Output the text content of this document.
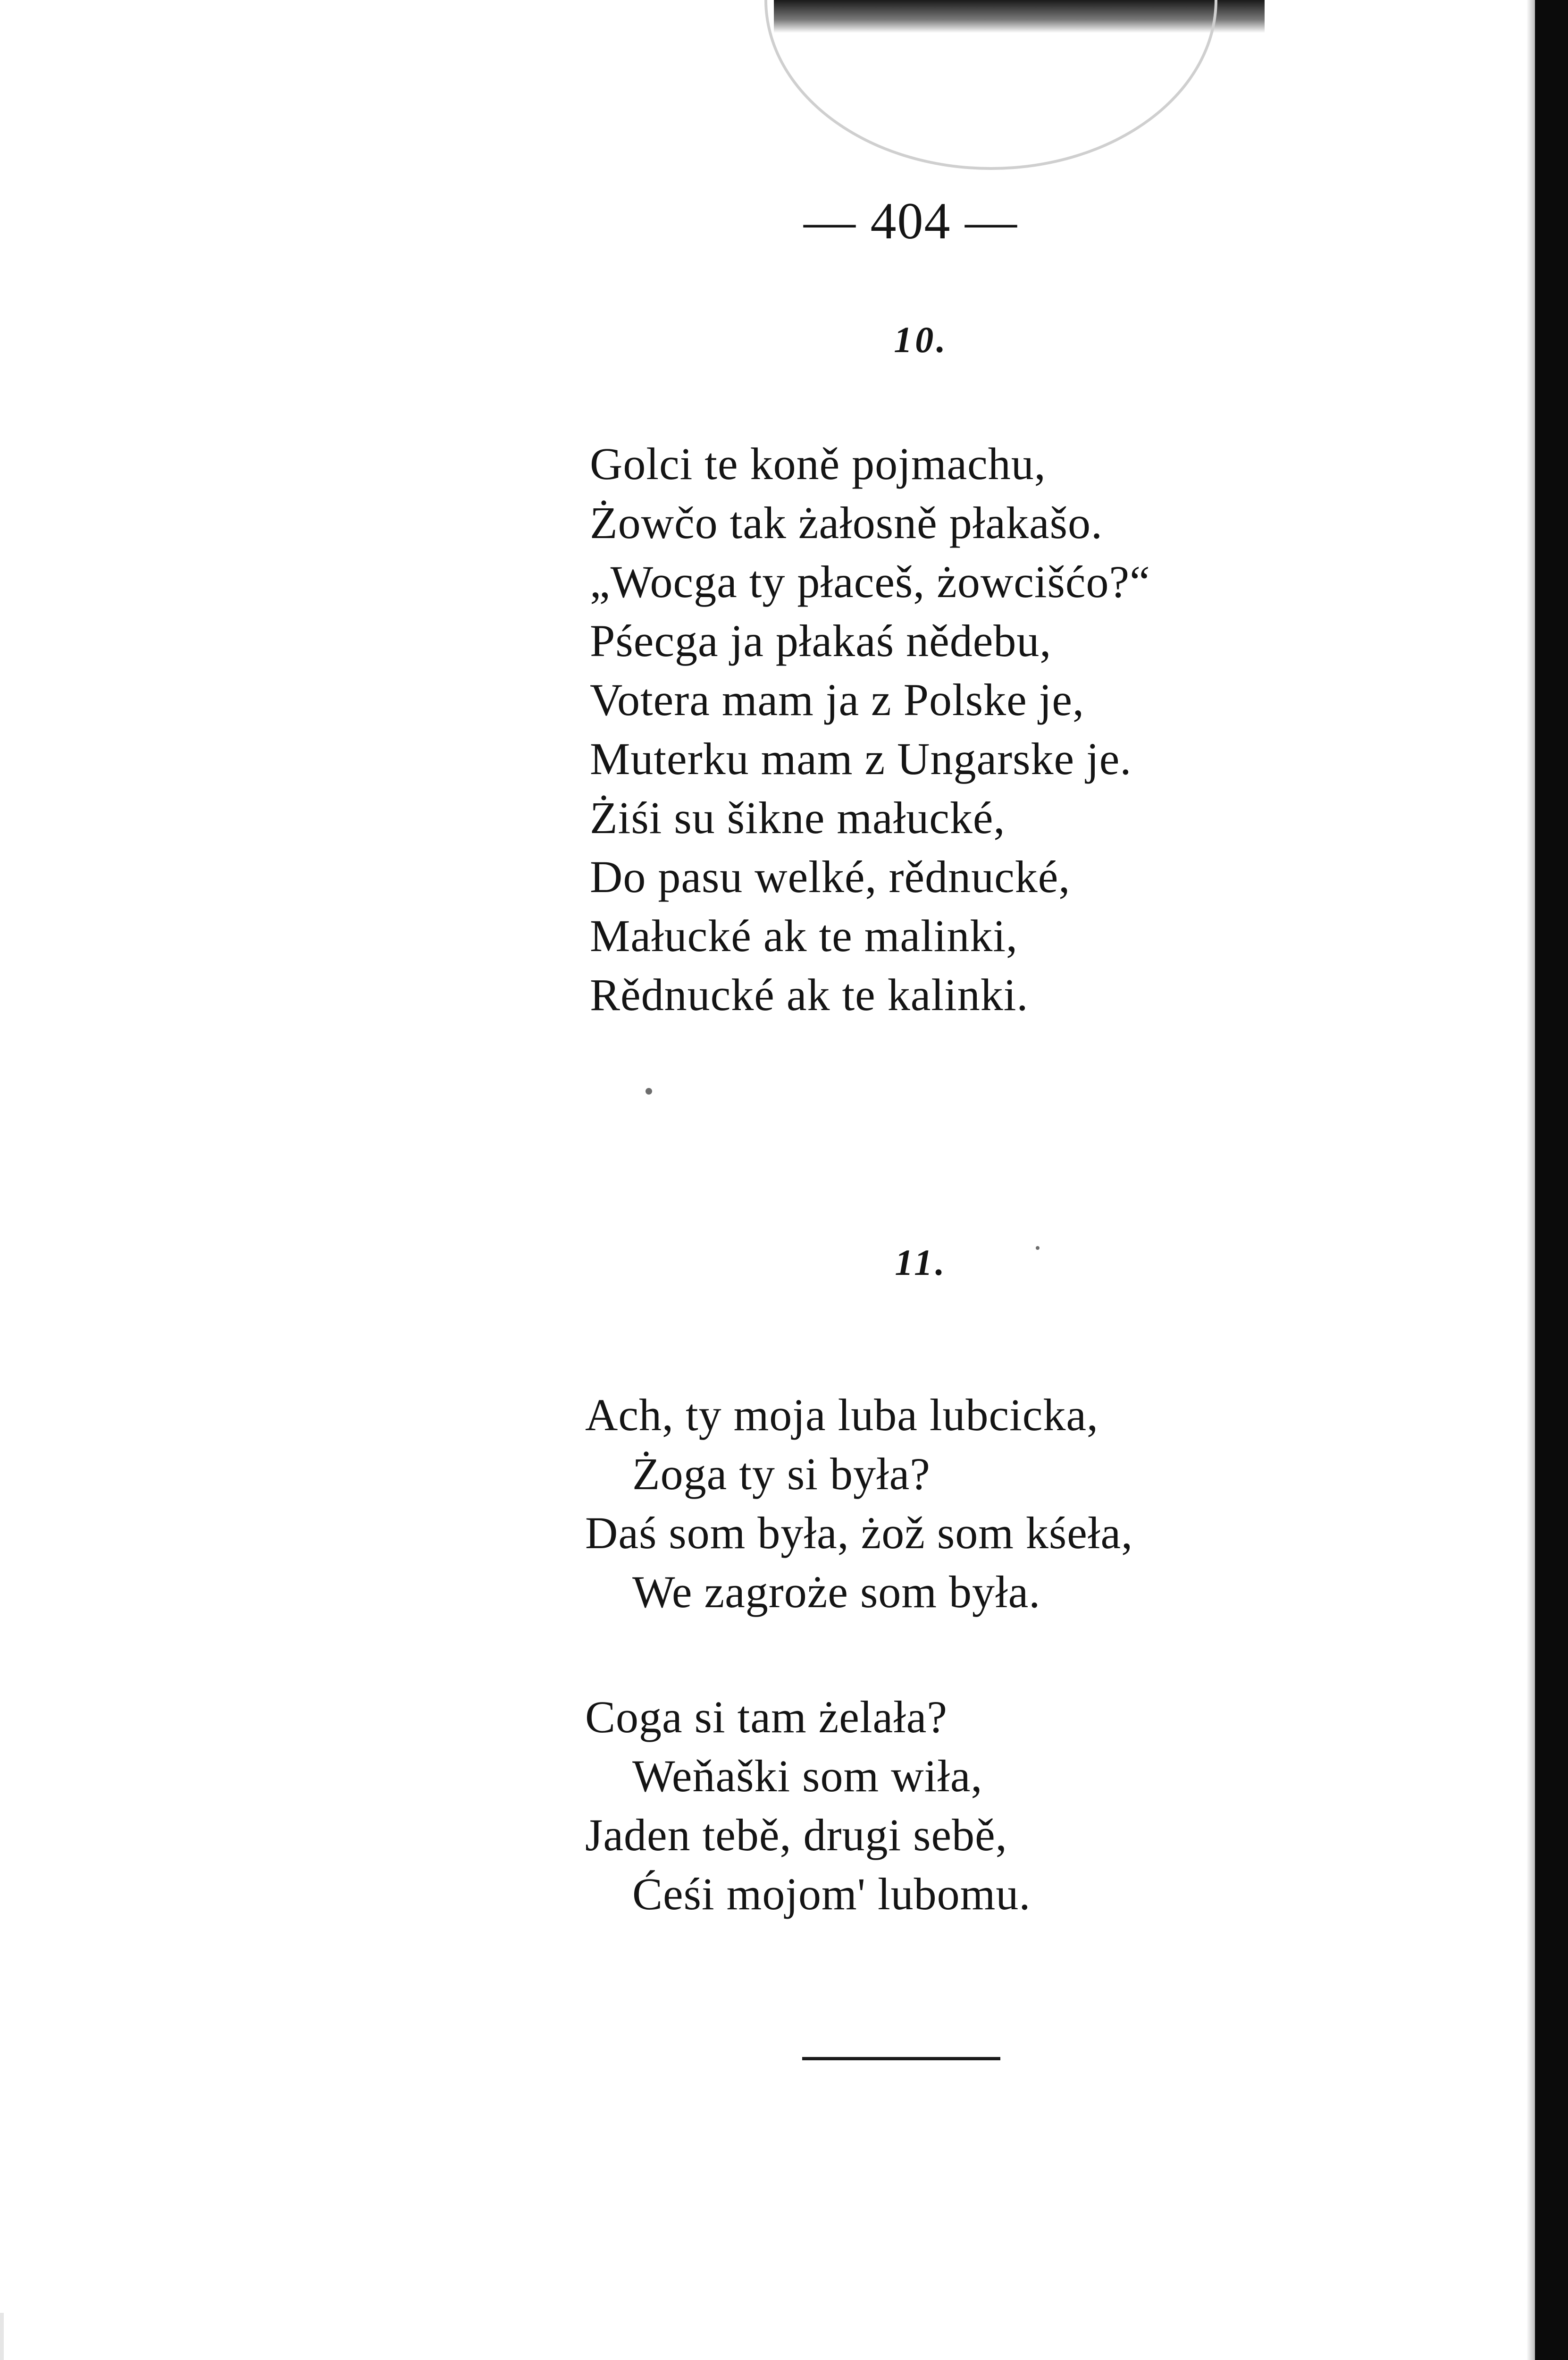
— 404 —
10.
Golci te koně pojmachu,
Żowčo tak żałosně płakašo.
„Wocga ty płaceš, żowcišćo?“
Pśecga ja płakaś nědebu,
Votera mam ja z Polske je,
Muterku mam z Ungarske je.
Żiśi su šikne małucké,
Do pasu welké, rědnucké,
Małucké ak te malinki,
Rědnucké ak te kalinki.
11.
Ach, ty moja luba lubcicka,
Żoga ty si była?
Daś som była, żož som kśeła,
We zagroże som była.
Coga si tam żelała?
Weňaški som wiła,
Jaden tebě, drugi sebě,
Ćeśi mojom' lubomu.
